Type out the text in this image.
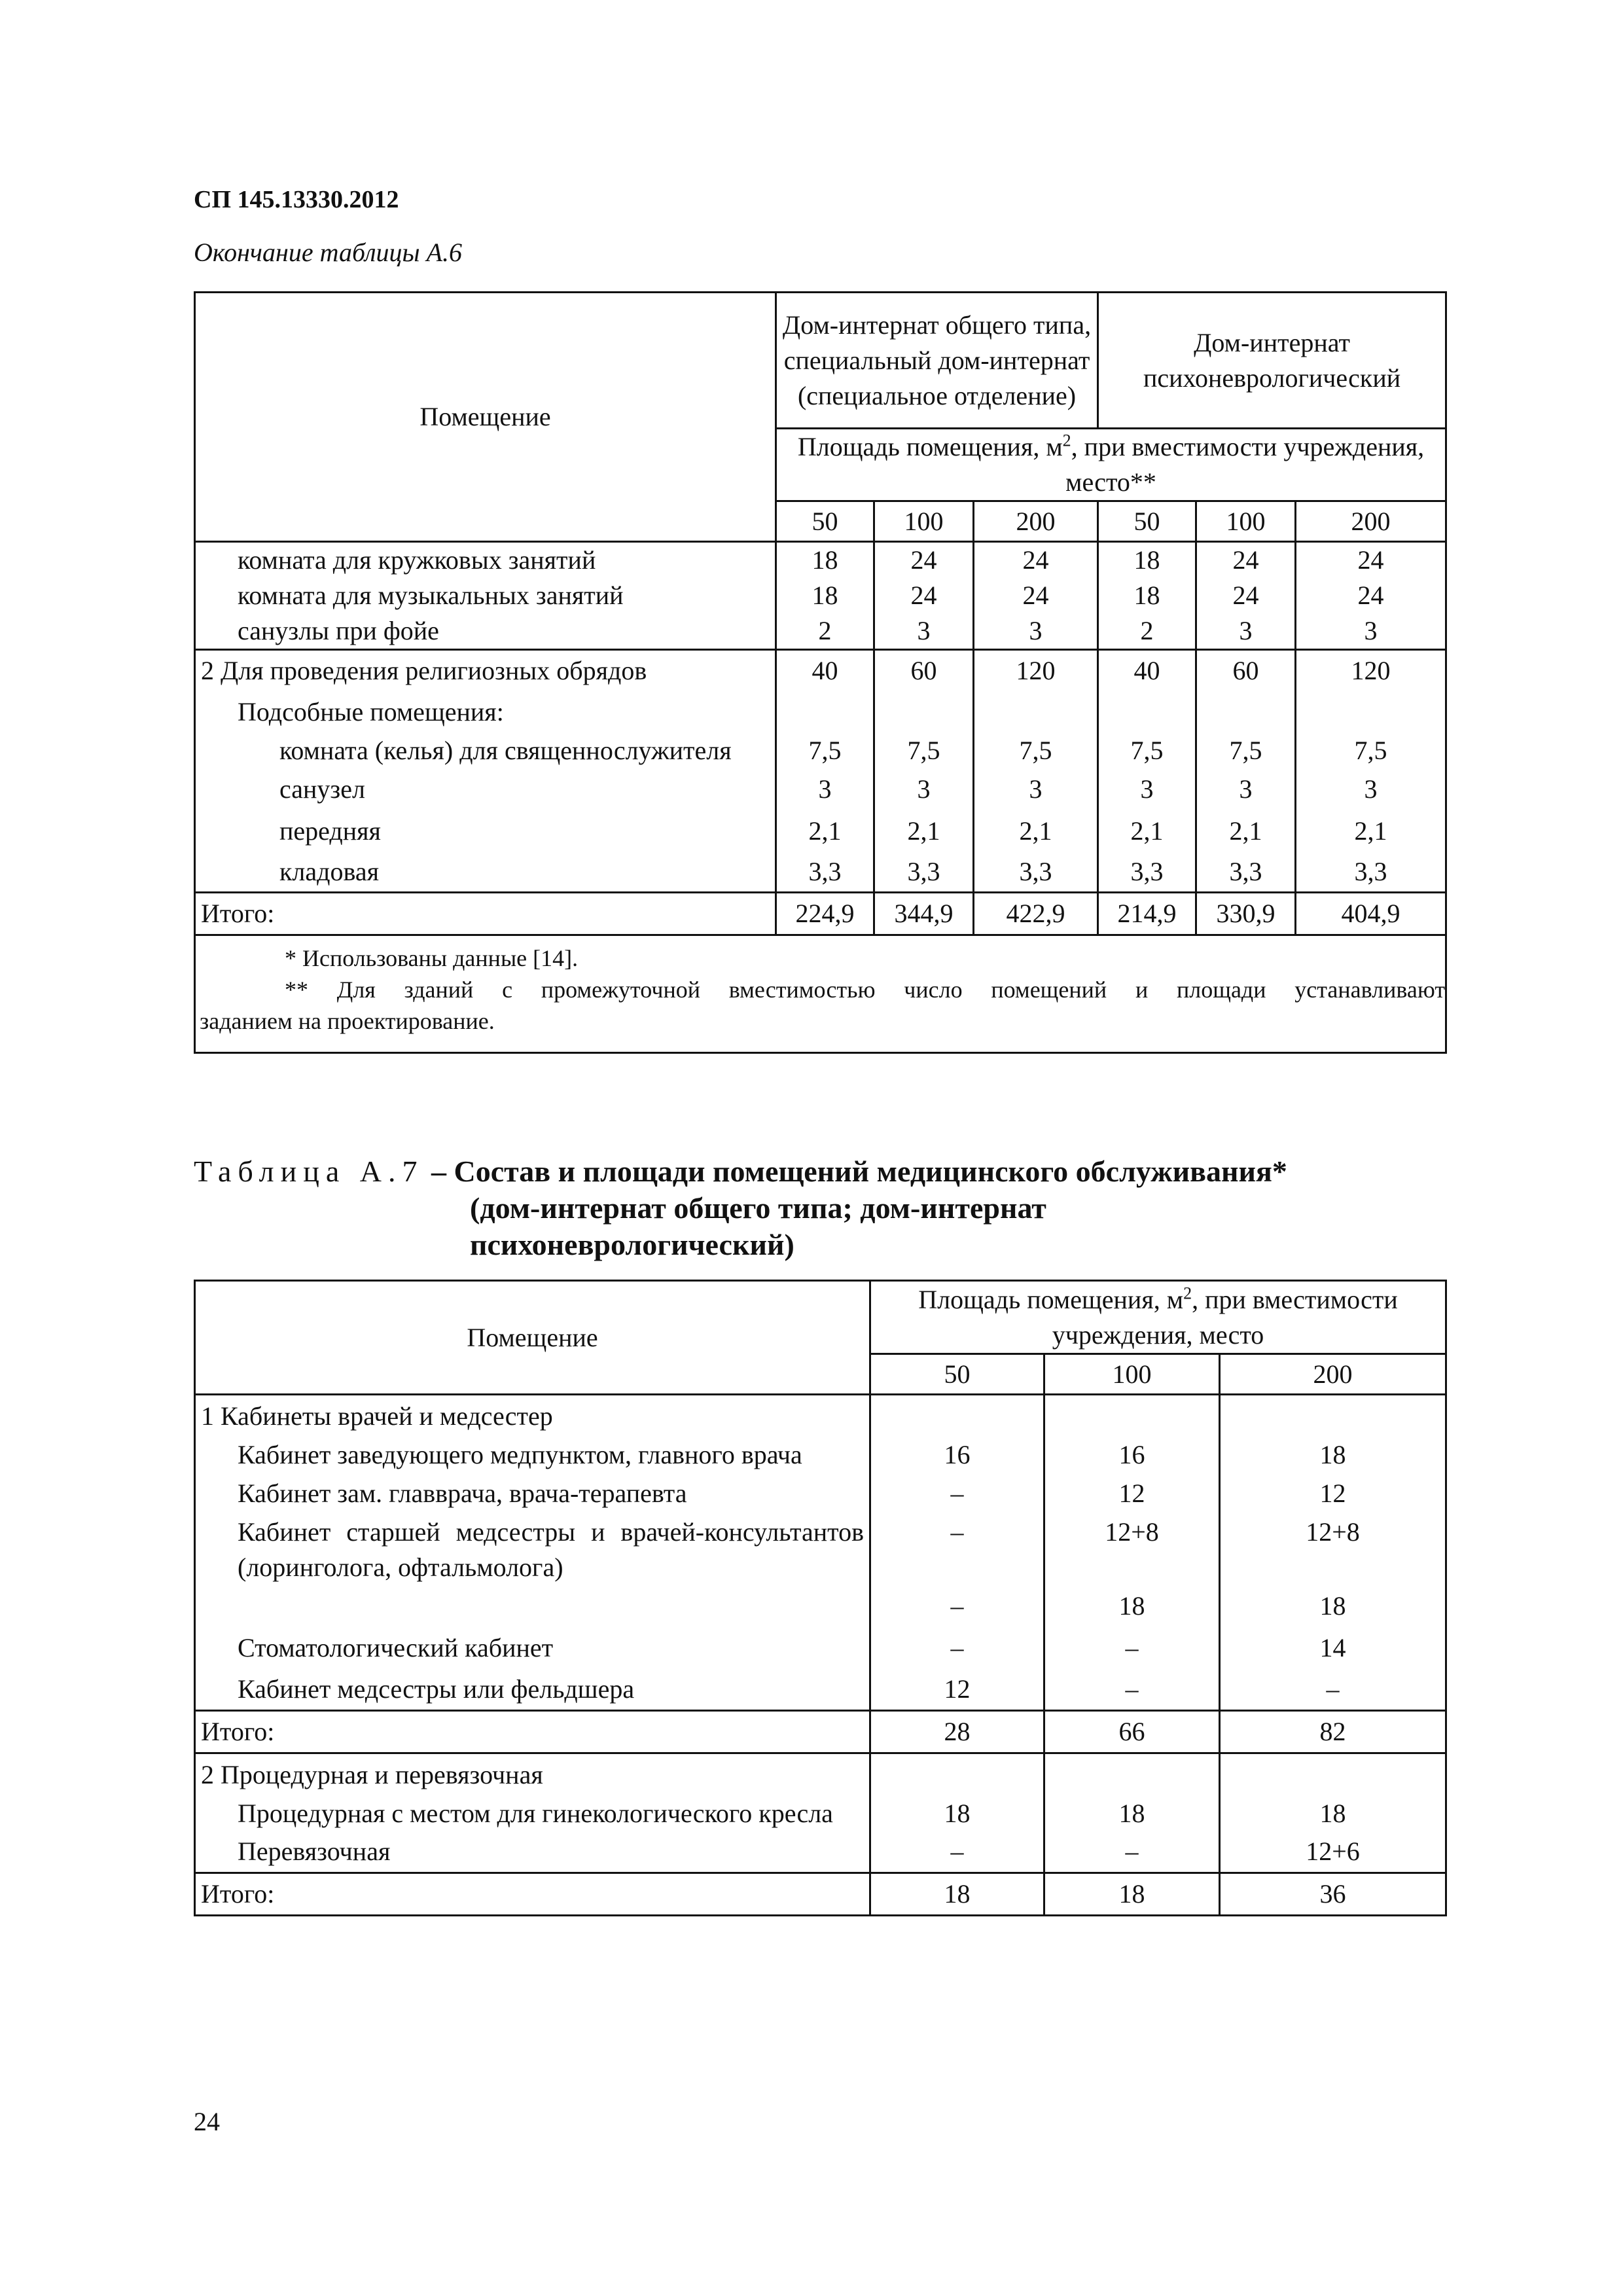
СП 145.13330.2012
Окончание таблицы А.6
Помещение	Дом-интернат общего типа, специальный дом-интернат (специальное отделение)			Дом-интернат психоневрологический		
	Площадь помещения, $м^2$, при вместимости учреждения, место**					
	50	100	200	50	100	200
комната для кружковых занятий	18	24	24	18	24	24
комната для музыкальных занятий	18	24	24	18	24	24
санузлы при фойе	2	3	3	2	3	3
2 Для проведения религиозных обрядов	40	60	120	40	60	120
Подсобные помещения:						
комната (келья) для священнослужителя	7,5	7,5	7,5	7,5	7,5	7,5
санузел	3	3	3	3	3	3
передняя	2,1	2,1	2,1	2,1	2,1	2,1
кладовая	3,3	3,3	3,3	3,3	3,3	3,3
Итого:	224,9	344,9	422,9	214,9	330,9	404,9

* Использованы данные [14].
** Для зданий с промежуточной вместимостью число помещений и площади устанавливают
заданием на проектирование.						
Таблица А.7 – Состав и площади помещений медицинского обслуживания*
(дом-интернат общего типа; дом-интернат
психоневрологический)
Помещение	Площадь помещения, $м^2$, при вместимости учреждения, место		
	50	100	200
1 Кабинеты врачей и медсестер			
Кабинет заведующего медпунктом, главного врача	16	16	18
Кабинет зам. главврача, врача-терапевта	–	12	12
Кабинет старшей медсестры и врачей-консультантов (лоринголога, офтальмолога)	–	12+8	12+8
	–	18	18
Стоматологический кабинет	–	–	14
Кабинет медсестры или фельдшера	12	–	–
Итого:	28	66	82
2 Процедурная и перевязочная			
Процедурная с местом для гинекологического кресла	18	18	18
Перевязочная	–	–	12+6
Итого:	18	18	36
24
